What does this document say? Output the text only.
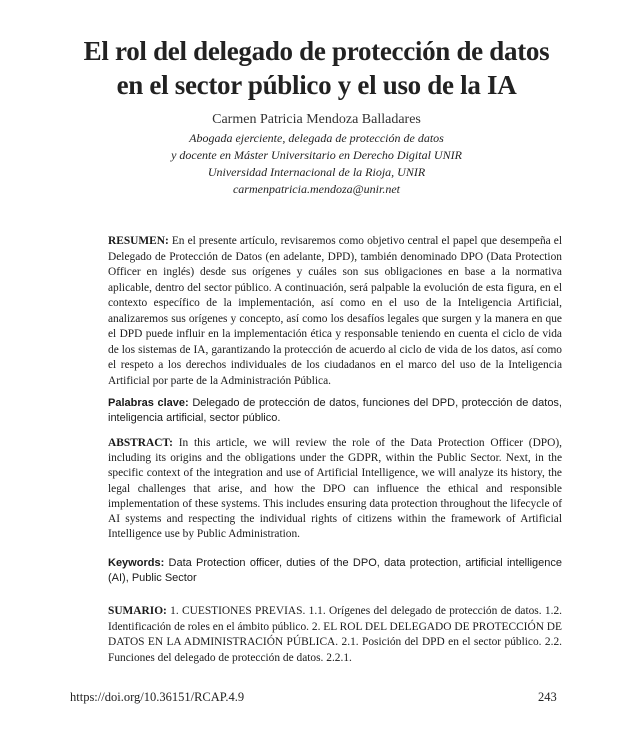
El rol del delegado de protección de datos
en el sector público y el uso de la IA
Carmen Patricia Mendoza Balladares
Abogada ejerciente, delegada de protección de datos
y docente en Máster Universitario en Derecho Digital UNIR
Universidad Internacional de la Rioja, UNIR
carmenpatricia.mendoza@unir.net
RESUMEN: En el presente artículo, revisaremos como objetivo central el papel que desempeña el Delegado de Protección de Datos (en adelante, DPD), también denominado DPO (Data Protection Officer en inglés) desde sus orígenes y cuáles son sus obligaciones en base a la normativa aplicable, dentro del sector público. A continuación, será palpable la evolución de esta figura, en el contexto específico de la implementación, así como en el uso de la Inteligencia Artificial, analizaremos sus orígenes y concepto, así como los desafíos legales que surgen y la manera en que el DPD puede influir en la implementación ética y responsable teniendo en cuenta el ciclo de vida de los sistemas de IA, garantizando la protección de acuerdo al ciclo de vida de los datos, así como el respeto a los derechos individuales de los ciudadanos en el marco del uso de la Inteligencia Artificial por parte de la Administración Pública.
Palabras clave: Delegado de protección de datos, funciones del DPD, protección de datos, inteligencia artificial, sector público.
ABSTRACT: In this article, we will review the role of the Data Protection Officer (DPO), including its origins and the obligations under the GDPR, within the Public Sector. Next, in the specific context of the integration and use of Artificial Intelligence, we will analyze its history, the legal challenges that arise, and how the DPO can influence the ethical and responsible implementation of these systems. This includes ensuring data protection throughout the lifecycle of AI systems and respecting the individual rights of citizens within the framework of Artificial Intelligence use by Public Administration.
Keywords: Data Protection officer, duties of the DPO, data protection, artificial intelligence (AI), Public Sector
SUMARIO: 1. CUESTIONES PREVIAS. 1.1. Orígenes del delegado de protección de datos. 1.2. Identificación de roles en el ámbito público. 2. EL ROL DEL DELEGADO DE PROTECCIÓN DE DATOS EN LA ADMINISTRACIÓN PÚBLICA. 2.1. Posición del DPD en el sector público. 2.2. Funciones del delegado de protección de datos. 2.2.1.
https://doi.org/10.36151/RCAP.4.9	243
